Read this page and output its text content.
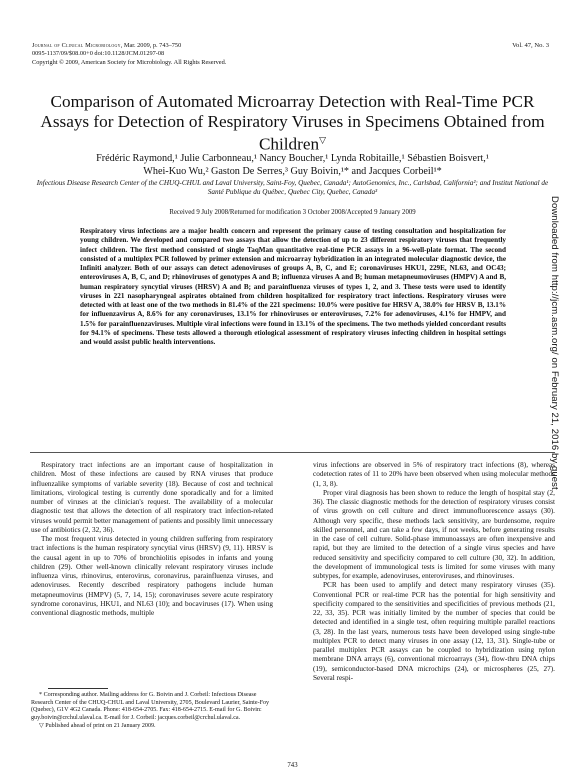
Journal of Clinical Microbiology, Mar. 2009, p. 743–750
0095-1137/09/$08.00+0 doi:10.1128/JCM.01297-08
Copyright © 2009, American Society for Microbiology. All Rights Reserved.
Vol. 47, No. 3
Comparison of Automated Microarray Detection with Real-Time PCR Assays for Detection of Respiratory Viruses in Specimens Obtained from Children▽
Frédéric Raymond,¹ Julie Carbonneau,¹ Nancy Boucher,¹ Lynda Robitaille,¹ Sébastien Boisvert,¹
Whei-Kuo Wu,² Gaston De Serres,³ Guy Boivin,¹* and Jacques Corbeil¹*
Infectious Disease Research Center of the CHUQ-CHUL and Laval University, Saint-Foy, Quebec, Canada¹; AutoGenomics, Inc., Carlsbad, California²; and Institut National de Santé Publique du Québec, Quebec City, Quebec, Canada³
Received 9 July 2008/Returned for modification 3 October 2008/Accepted 9 January 2009
Respiratory virus infections are a major health concern and represent the primary cause of testing consultation and hospitalization for young children. We developed and compared two assays that allow the detection of up to 23 different respiratory viruses that frequently infect children. The first method consisted of single TaqMan quantitative real-time PCR assays in a 96-well-plate format. The second consisted of a multiplex PCR followed by primer extension and microarray hybridization in an integrated molecular diagnostic device, the Infiniti analyzer. Both of our assays can detect adenoviruses of groups A, B, C, and E; coronaviruses HKU1, 229E, NL63, and OC43; enteroviruses A, B, C, and D; rhinoviruses of genotypes A and B; influenza viruses A and B; human metapneumoviruses (HMPV) A and B, human respiratory syncytial viruses (HRSV) A and B; and parainfluenza viruses of types 1, 2, and 3. These tests were used to identify viruses in 221 nasopharyngeal aspirates obtained from children hospitalized for respiratory tract infections. Respiratory viruses were detected with at least one of the two methods in 81.4% of the 221 specimens: 10.0% were positive for HRSV A, 38.0% for HRSV B, 13.1% for influenzavirus A, 8.6% for any coronaviruses, 13.1% for rhinoviruses or enteroviruses, 7.2% for adenoviruses, 4.1% for HMPV, and 1.5% for parainfluenzaviruses. Multiple viral infections were found in 13.1% of the specimens. The two methods yielded concordant results for 94.1% of specimens. These tests allowed a thorough etiological assessment of respiratory viruses infecting children in hospital settings and would assist public health interventions.

Respiratory tract infections are an important cause of hospitalization in children. Most of these infections are caused by RNA viruses that produce influenzalike symptoms of variable severity (18). Because of cost and technical limitations, virological testing is currently done sporadically and for a limited number of viruses at the clinician's request. The availability of a molecular diagnostic test that allows the detection of all respiratory tract infection-related viruses would permit better management of patients and possibly limit unnecessary use of antibiotics (2, 32, 36).

The most frequent virus detected in young children suffering from respiratory tract infections is the human respiratory syncytial virus (HRSV) (9, 11). HRSV is the causal agent in up to 70% of bronchiolitis episodes in infants and young children (29). Other well-known clinically relevant respiratory viruses include influenza virus, rhinovirus, enterovirus, coronavirus, parainfluenza viruses, and adenoviruses. Recently described respiratory pathogens include human metapneumovirus (HMPV) (5, 7, 14, 15); coronaviruses severe acute respiratory syndrome coronavirus, HKU1, and NL63 (10); and bocaviruses (17). When using conventional diagnostic methods, multiple

virus infections are observed in 5% of respiratory tract infections (8), whereas codetection rates of 11 to 20% have been observed when using molecular methods (1, 3, 8).

Proper viral diagnosis has been shown to reduce the length of hospital stay (2, 36). The classic diagnostic methods for the detection of respiratory viruses consist of virus growth on cell culture and direct immunofluorescence assays (30). Although very specific, these methods lack sensitivity, are burdensome, require skilled personnel, and can take a few days, if not weeks, before generating results in the case of cell culture. Solid-phase immunoassays are often inexpensive and rapid, but they are limited to the detection of a single virus species and have reduced sensitivity and specificity compared to cell culture (30, 32). In addition, the development of immunological tests is limited for some viruses with many subtypes, for example, adenoviruses, enteroviruses, and rhinoviruses.

PCR has been used to amplify and detect many respiratory viruses (35). Conventional PCR or real-time PCR has the potential for high sensitivity and specificity compared to the sensitivities and specificities of previous methods (21, 22, 33, 35). PCR was initially limited by the number of species that could be detected and identified in a single test, often requiring multiple parallel reactions (3, 28). In the last years, numerous tests have been developed using single-tube multiplex PCR to detect many viruses in one assay (12, 13, 31). Single-tube or parallel multiplex PCR assays can be coupled to hybridization using nylon membrane DNA arrays (6), conventional microarrays (34), flow-thru DNA chips (19), semiconductor-based DNA microchips (24), or microspheres (25, 27). Several respi-

* Corresponding author. Mailing address for G. Boivin and J. Corbeil: Infectious Disease Research Center of the CHUQ-CHUL and Laval University, 2705, Boulevard Laurier, Sainte-Foy (Quebec), G1V 4G2 Canada. Phone: 418-654-2705. Fax: 418-654-2715. E-mail for G. Boivin: guy.boivin@crchul.ulaval.ca. E-mail for J. Corbeil: jacques.corbeil@crchul.ulaval.ca.

▽ Published ahead of print on 21 January 2009.

743
Downloaded from http://jcm.asm.org/ on February 21, 2016 by guest
